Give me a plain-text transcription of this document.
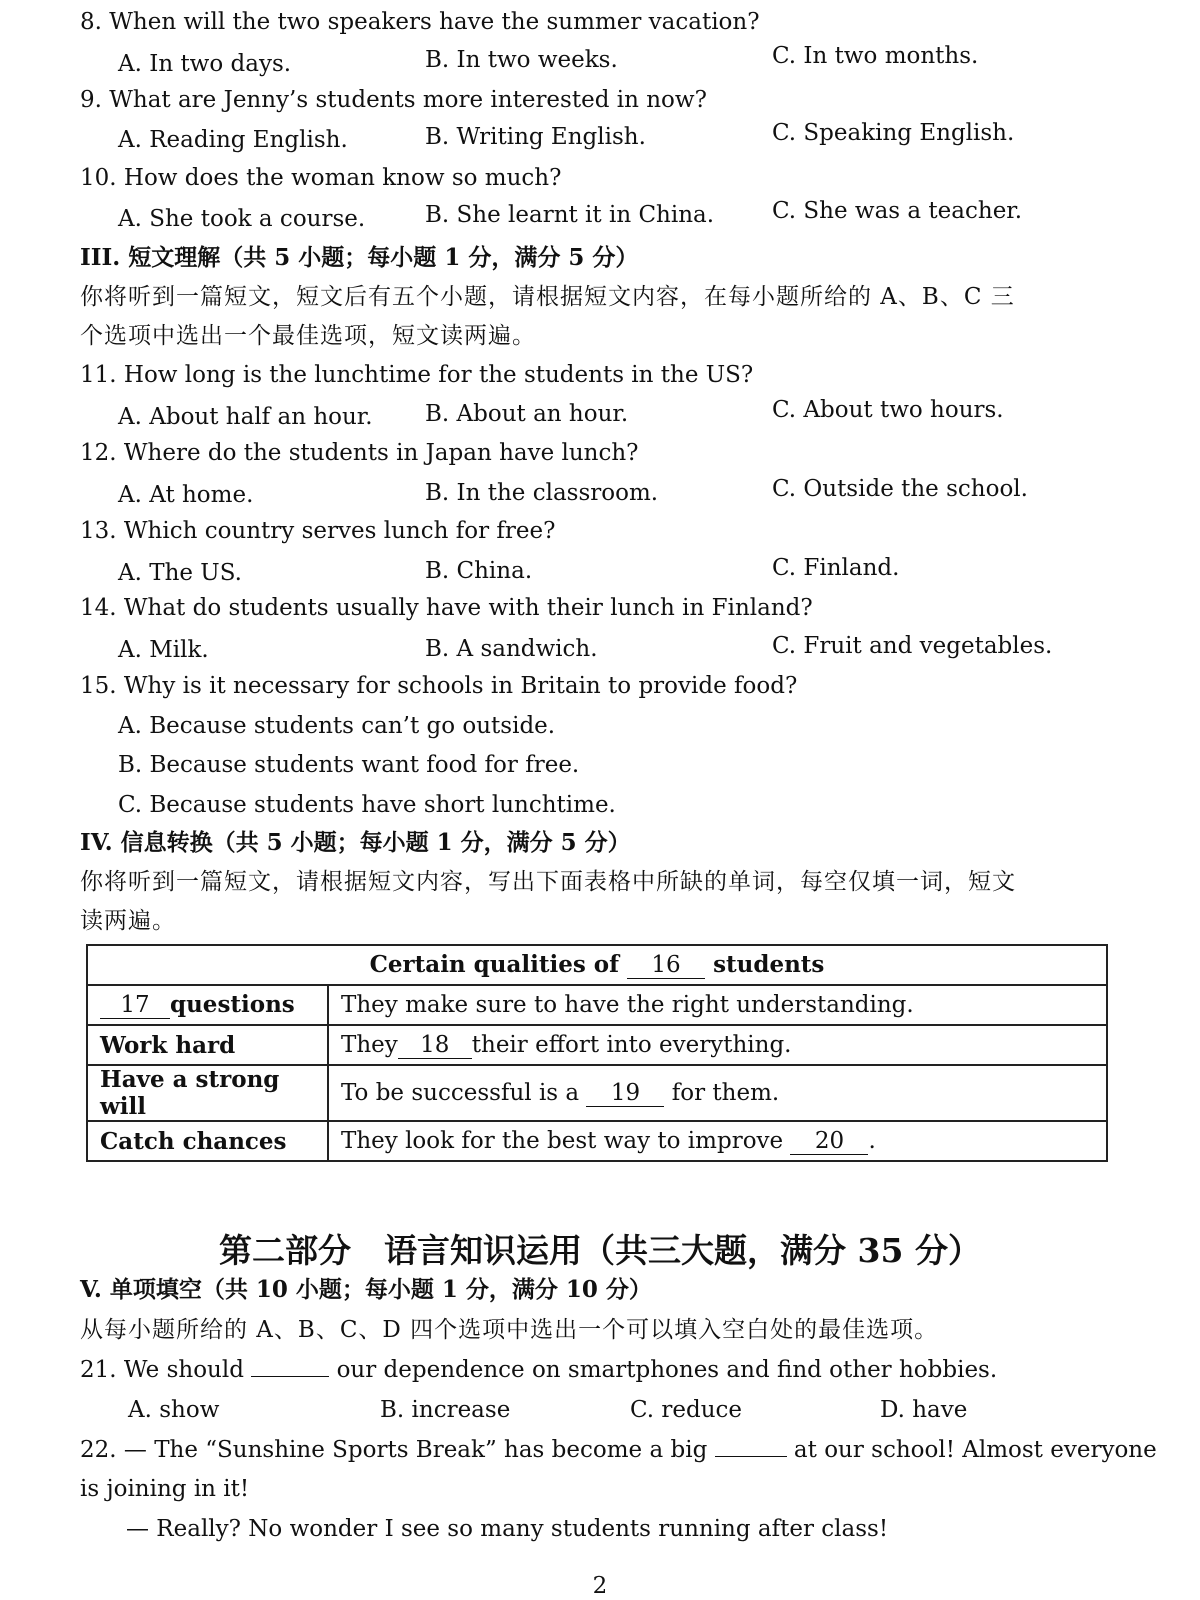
8. When will the two speakers have the summer vacation?
A. In two days.	B. In two weeks.	C. In two months.
9. What are Jenny’s students more interested in now?
A. Reading English.	B. Writing English.	C. Speaking English.
10. How does the woman know so much?
A. She took a course.	B. She learnt it in China.	C. She was a teacher.
III. 短文理解（共 5 小题；每小题 1 分，满分 5 分）
你将听到一篇短文，短文后有五个小题，请根据短文内容，在每小题所给的 A、B、C 三
个选项中选出一个最佳选项，短文读两遍。
11. How long is the lunchtime for the students in the US?
A. About half an hour. B. About an hour.	C. About two hours.
12. Where do the students in Japan have lunch?
A. At home.	B. In the classroom.	C. Outside the school.
13. Which country serves lunch for free?
A. The US.	B. China.	C. Finland.
14. What do students usually have with their lunch in Finland?
A. Milk.	B. A sandwich.	C. Fruit and vegetables.
15. Why is it necessary for schools in Britain to provide food?
A. Because students can’t go outside.
B. Because students want food for free.
C. Because students have short lunchtime.
IV. 信息转换（共 5 小题；每小题 1 分，满分 5 分）
你将听到一篇短文，请根据短文内容，写出下面表格中所缺的单词，每空仅填一词，短文
读两遍。
Certain qualities of 16 students	
17 questions	They make sure to have the right understanding.
Work hard	They 18 their effort into everything.
Have a strong will	To be successful is a 19 for them.
Catch chances	They look for the best way to improve 20 .
第二部分　语言知识运用（共三大题，满分 35 分）
V. 单项填空（共 10 小题；每小题 1 分，满分 10 分）
从每小题所给的 A、B、C、D 四个选项中选出一个可以填入空白处的最佳选项。
21. We should	our dependence on smartphones and find other hobbies.
A. show	B. increase	C. reduce	D. have
22. — The “Sunshine Sports Break” has become a big	at our school! Almost everyone
is joining in it!
— Really? No wonder I see so many students running after class!
2
